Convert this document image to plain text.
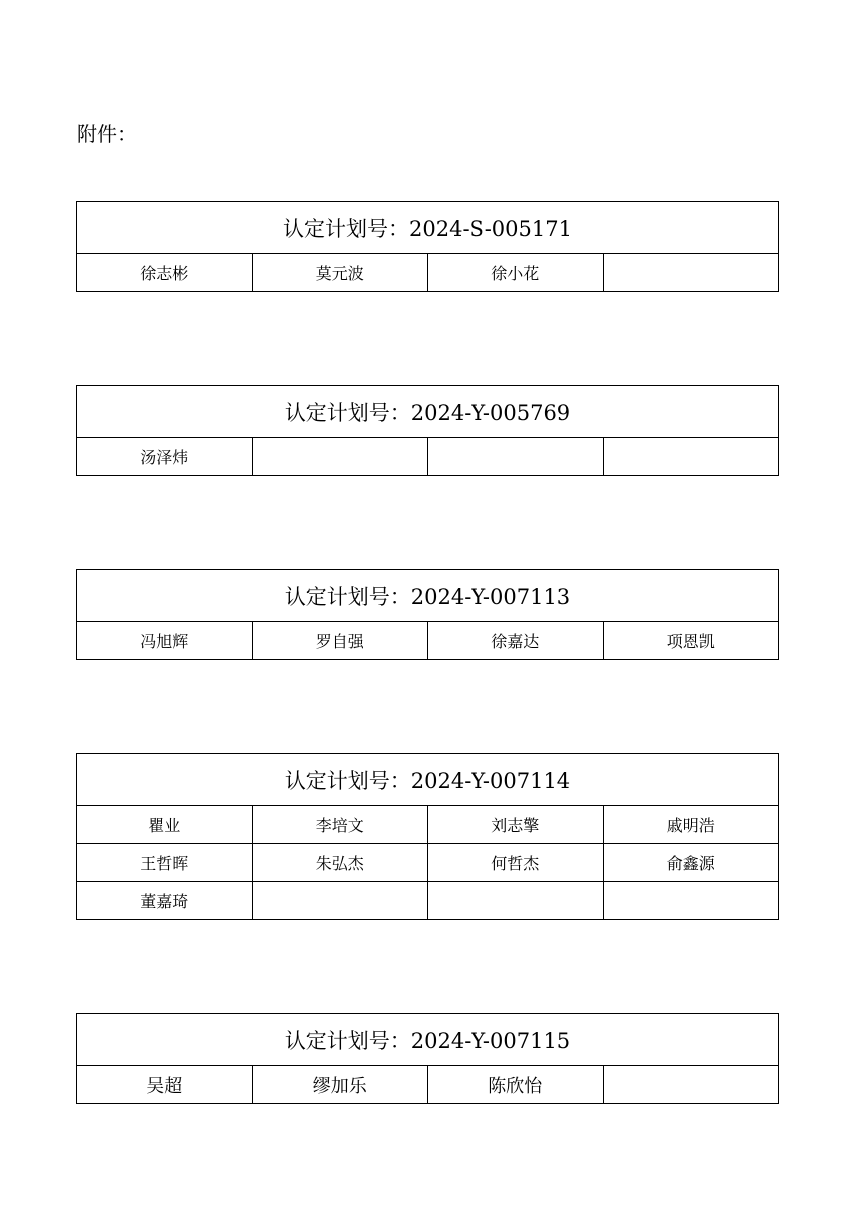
附件：
认定计划号：2024-S-005171
徐志彬	莫元波	徐小花	
认定计划号：2024-Y-005769
汤泽炜			
认定计划号：2024-Y-007113
冯旭辉	罗自强	徐嘉达	项恩凯
认定计划号：2024-Y-007114			
瞿业	李培文	刘志擎	戚明浩
王哲晖	朱弘杰	何哲杰	俞鑫源
董嘉琦			
认定计划号：2024-Y-007115
吴超	缪加乐	陈欣怡	
